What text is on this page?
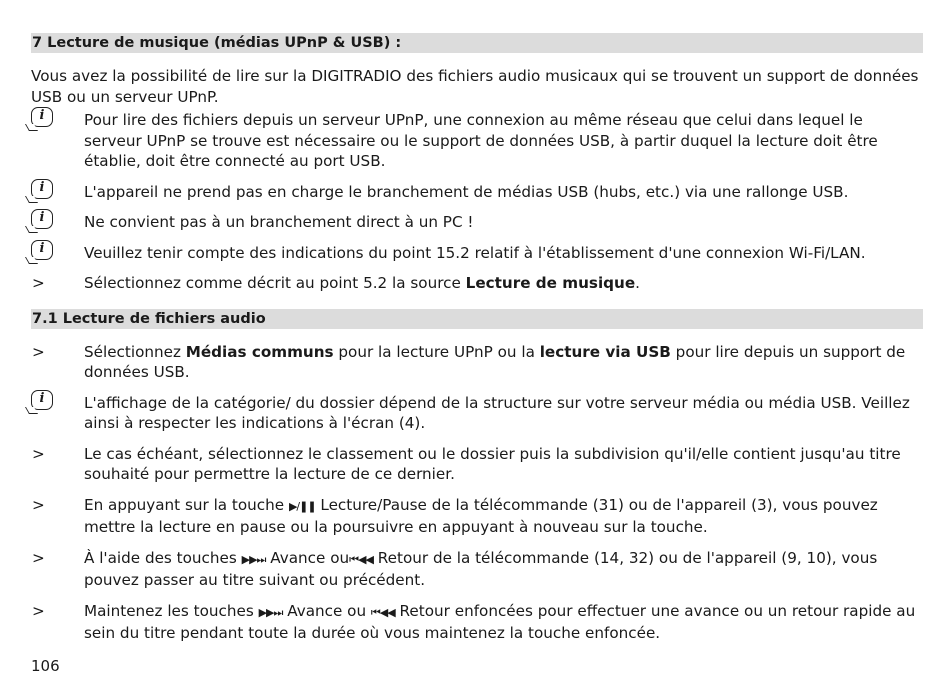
7 Lecture de musique (médias UPnP & USB) :
Vous avez la possibilité de lire sur la DIGITRADIO des fichiers audio musicaux qui se trouvent un support de données USB ou un serveur UPnP.
i	Pour lire des fichiers depuis un serveur UPnP, une connexion au même réseau que celui dans lequel le serveur UPnP se trouve est nécessaire ou le support de données USB, à partir duquel la lecture doit être établie, doit être connecté au port USB.
i	L'appareil ne prend pas en charge le branchement de médias USB (hubs, etc.) via une rallonge USB.
i	Ne convient pas à un branchement direct à un PC !
i	Veuillez tenir compte des indications du point 15.2 relatif à l'établissement d'une connexion Wi-Fi/LAN.
>	Sélectionnez comme décrit au point 5.2 la source Lecture de musique.
7.1 Lecture de fichiers audio
>	Sélectionnez Médias communs pour la lecture UPnP ou la lecture via USB pour lire depuis un support de données USB.
i	L'affichage de la catégorie/ du dossier dépend de la structure sur votre serveur média ou média USB. Veillez ainsi à respecter les indications à l'écran (4).
>	Le cas échéant, sélectionnez le classement ou le dossier puis la subdivision qu'il/elle contient jusqu'au titre souhaité pour permettre la lecture de ce dernier.
>	En appuyant sur la touche ▶/❚❚ Lecture/Pause de la télécommande (31) ou de l'appareil (3), vous pouvez mettre la lecture en pause ou la poursuivre en appuyant à nouveau sur la touche.
>	À l'aide des touches ▶▶⏭ Avance ou⏮◀◀ Retour de la télécommande (14, 32) ou de l'appareil (9, 10), vous pouvez passer au titre suivant ou précédent.
>	Maintenez les touches ▶▶⏭ Avance ou ⏮◀◀ Retour enfoncées pour effectuer une avance ou un retour rapide au sein du titre pendant toute la durée où vous maintenez la touche enfoncée.
106
